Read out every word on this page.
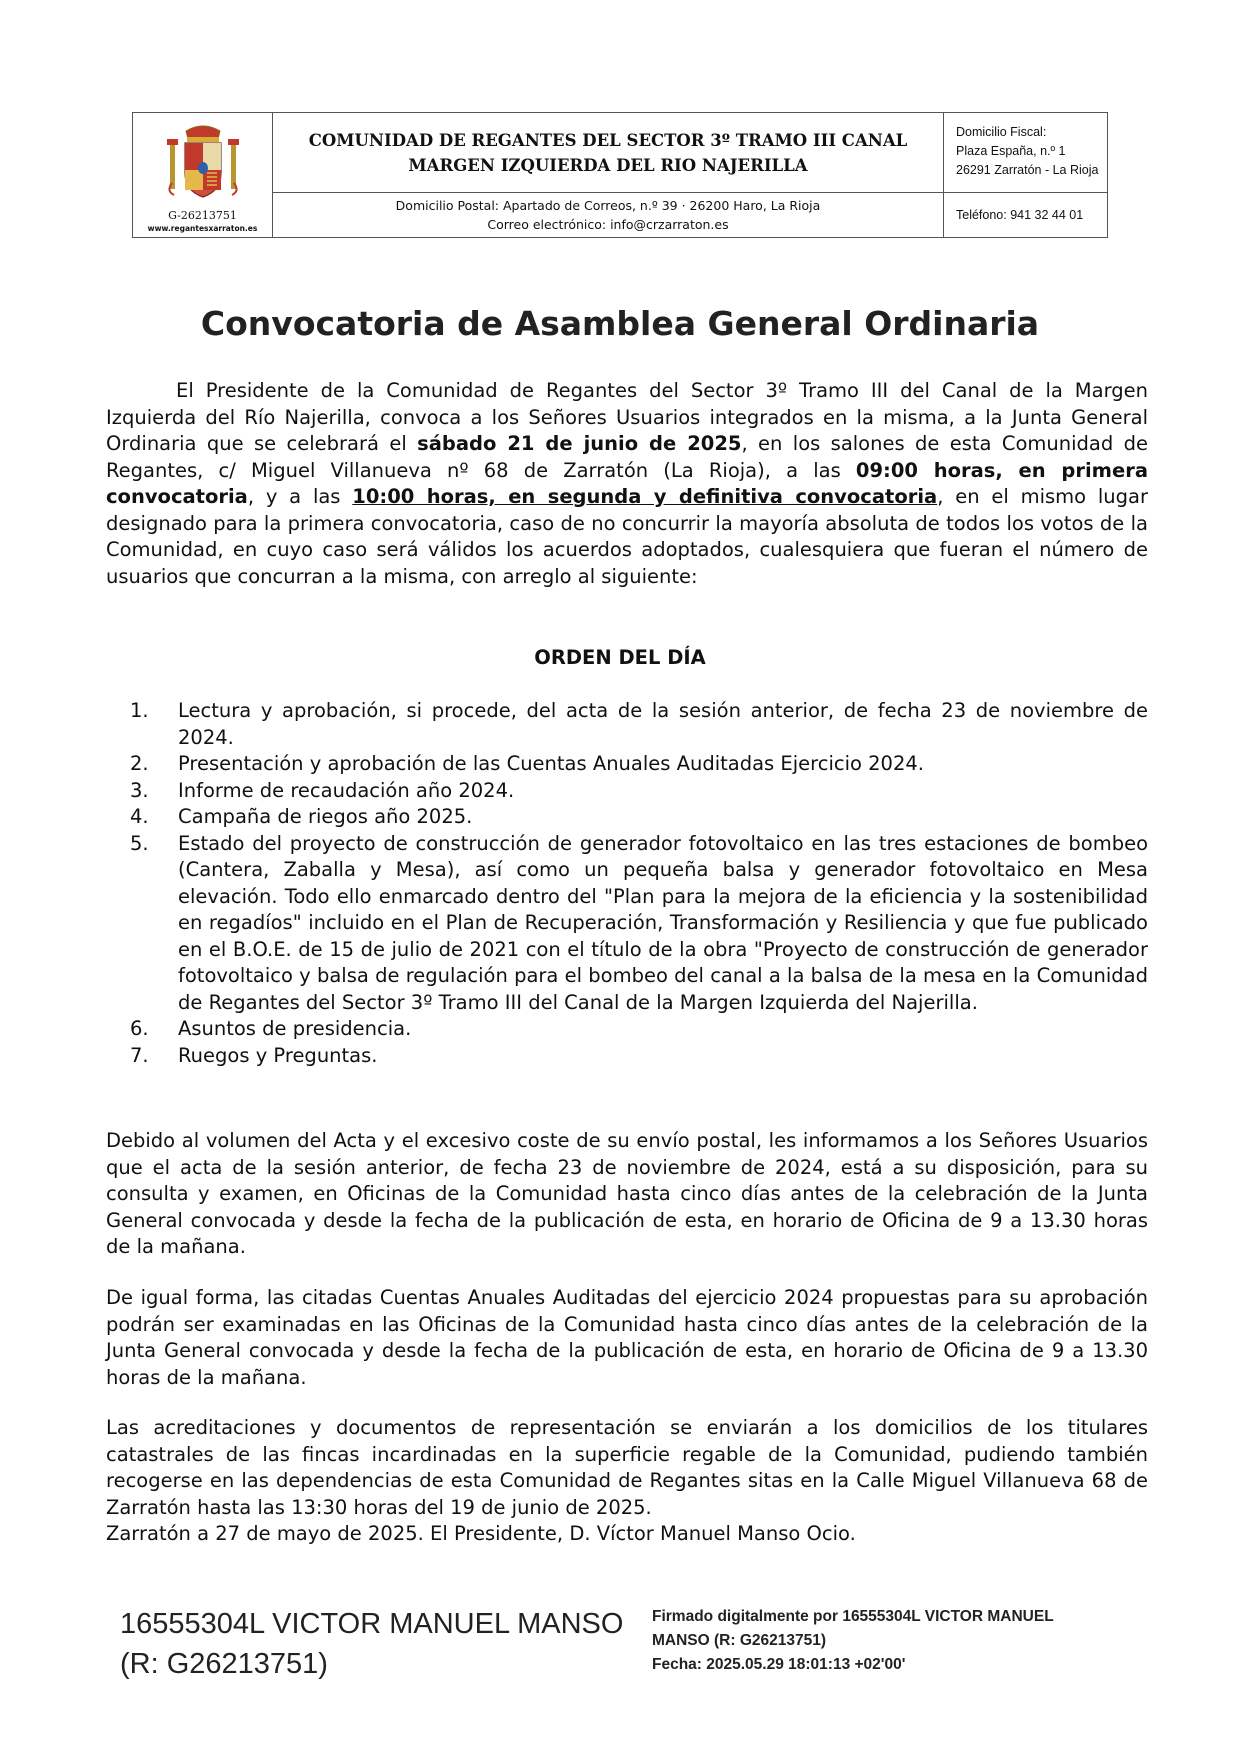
G-26213751
www.regantesxarraton.es
COMUNIDAD DE REGANTES DEL SECTOR 3º TRAMO III CANAL
MARGEN IZQUIERDA DEL RIO NAJERILLA
Domicilio Postal: Apartado de Correos, n.º 39 · 26200 Haro, La Rioja
Correo electrónico: info@crzarraton.es
Domicilio Fiscal:
Plaza España, n.º 1
26291 Zarratón - La Rioja
Teléfono: 941 32 44 01
Convocatoria de Asamblea General Ordinaria
El Presidente de la Comunidad de Regantes del Sector 3º Tramo III del Canal de la Margen Izquierda del Río Najerilla, convoca a los Señores Usuarios integrados en la misma, a la Junta General Ordinaria que se celebrará el sábado 21 de junio de 2025, en los salones de esta Comunidad de Regantes, c/ Miguel Villanueva nº 68 de Zarratón (La Rioja), a las 09:00 horas, en primera convocatoria, y a las 10:00 horas, en segunda y definitiva convocatoria, en el mismo lugar designado para la primera convocatoria, caso de no concurrir la mayoría absoluta de todos los votos de la Comunidad, en cuyo caso será válidos los acuerdos adoptados, cualesquiera que fueran el número de usuarios que concurran a la misma, con arreglo al siguiente:
ORDEN DEL DÍA
1.	Lectura y aprobación, si procede, del acta de la sesión anterior, de fecha 23 de noviembre de 2024.
2.	Presentación y aprobación de las Cuentas Anuales Auditadas Ejercicio 2024.
3.	Informe de recaudación año 2024.
4.	Campaña de riegos año 2025.
5.	Estado del proyecto de construcción de generador fotovoltaico en las tres estaciones de bombeo (Cantera, Zaballa y Mesa), así como un pequeña balsa y generador fotovoltaico en Mesa elevación. Todo ello enmarcado dentro del "Plan para la mejora de la eficiencia y la sostenibilidad en regadíos" incluido en el Plan de Recuperación, Transformación y Resiliencia y que fue publicado en el B.O.E. de 15 de julio de 2021 con el título de la obra "Proyecto de construcción de generador fotovoltaico y balsa de regulación para el bombeo del canal a la balsa de la mesa en la Comunidad de Regantes del Sector 3º Tramo III del Canal de la Margen Izquierda del Najerilla.
6.	Asuntos de presidencia.
7.	Ruegos y Preguntas.
Debido al volumen del Acta y el excesivo coste de su envío postal, les informamos a los Señores Usuarios que el acta de la sesión anterior, de fecha 23 de noviembre de 2024, está a su disposición, para su consulta y examen, en Oficinas de la Comunidad hasta cinco días antes de la celebración de la Junta General convocada y desde la fecha de la publicación de esta, en horario de Oficina de 9 a 13.30 horas de la mañana.
De igual forma, las citadas Cuentas Anuales Auditadas del ejercicio 2024 propuestas para su aprobación podrán ser examinadas en las Oficinas de la Comunidad hasta cinco días antes de la celebración de la Junta General convocada y desde la fecha de la publicación de esta, en horario de Oficina de 9 a 13.30 horas de la mañana.
Las acreditaciones y documentos de representación se enviarán a los domicilios de los titulares catastrales de las fincas incardinadas en la superficie regable de la Comunidad, pudiendo también recogerse en las dependencias de esta Comunidad de Regantes sitas en la Calle Miguel Villanueva 68 de Zarratón hasta las 13:30 horas del 19 de junio de 2025.
Zarratón a 27 de mayo de 2025. El Presidente, D. Víctor Manuel Manso Ocio.
16555304L VICTOR MANUEL MANSO
(R: G26213751)
Firmado digitalmente por 16555304L VICTOR MANUEL
MANSO (R: G262137​51)
Fecha: 2025.05.29 18:01:13 +02'00'
